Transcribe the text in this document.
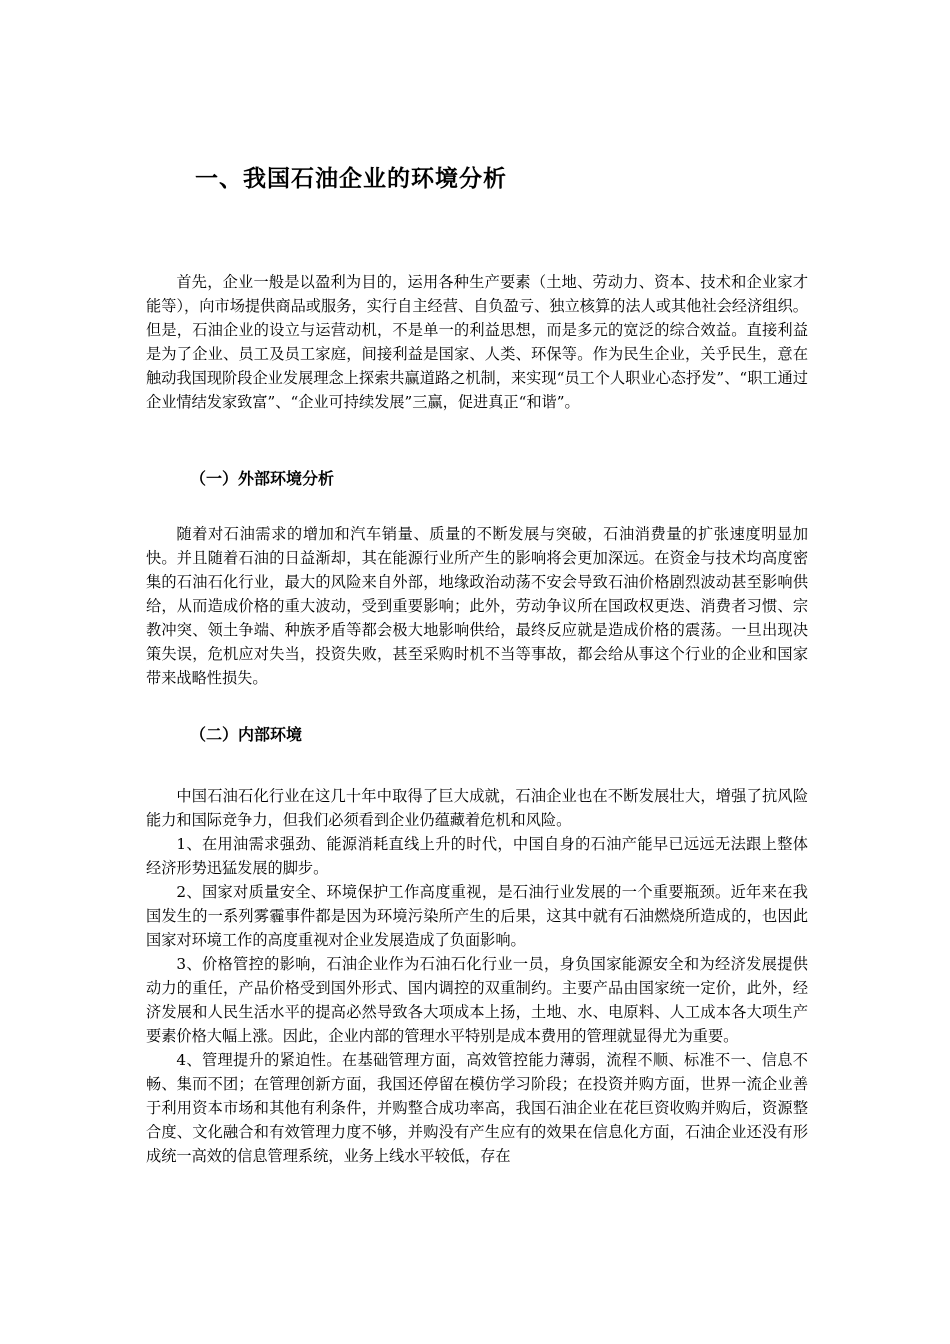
一、我国石油企业的环境分析

首先，企业一般是以盈利为目的，运用各种生产要素（土地、劳动力、资本、技术和企业家才能等），向市场提供商品或服务，实行自主经营、自负盈亏、独立核算的法人或其他社会经济组织。但是，石油企业的设立与运营动机，不是单一的利益思想，而是多元的宽泛的综合效益。直接利益是为了企业、员工及员工家庭，间接利益是国家、人类、环保等。作为民生企业，关乎民生，意在触动我国现阶段企业发展理念上探索共赢道路之机制，来实现“员工个人职业心态抒发”、“职工通过企业情结发家致富”、“企业可持续发展”三赢，促进真正“和谐”。

（一）外部环境分析

随着对石油需求的增加和汽车销量、质量的不断发展与突破，石油消费量的扩张速度明显加快。并且随着石油的日益渐却，其在能源行业所产生的影响将会更加深远。在资金与技术均高度密集的石油石化行业，最大的风险来自外部，地缘政治动荡不安会导致石油价格剧烈波动甚至影响供给，从而造成价格的重大波动，受到重要影响；此外，劳动争议所在国政权更迭、消费者习惯、宗教冲突、领土争端、种族矛盾等都会极大地影响供给，最终反应就是造成价格的震荡。一旦出现决策失误，危机应对失当，投资失败，甚至采购时机不当等事故，都会给从事这个行业的企业和国家带来战略性损失。

（二）内部环境

中国石油石化行业在这几十年中取得了巨大成就，石油企业也在不断发展壮大，增强了抗风险能力和国际竞争力，但我们必须看到企业仍蕴藏着危机和风险。

1、在用油需求强劲、能源消耗直线上升的时代，中国自身的石油产能早已远远无法跟上整体经济形势迅猛发展的脚步。

2、国家对质量安全、环境保护工作高度重视，是石油行业发展的一个重要瓶颈。近年来在我国发生的一系列雾霾事件都是因为环境污染所产生的后果，这其中就有石油燃烧所造成的，也因此国家对环境工作的高度重视对企业发展造成了负面影响。

3、价格管控的影响，石油企业作为石油石化行业一员，身负国家能源安全和为经济发展提供动力的重任，产品价格受到国外形式、国内调控的双重制约。主要产品由国家统一定价，此外，经济发展和人民生活水平的提高必然导致各大项成本上扬，土地、水、电原料、人工成本各大项生产要素价格大幅上涨。因此，企业内部的管理水平特别是成本费用的管理就显得尤为重要。

4、管理提升的紧迫性。在基础管理方面，高效管控能力薄弱，流程不顺、标准不一、信息不畅、集而不团；在管理创新方面，我国还停留在模仿学习阶段；在投资并购方面，世界一流企业善于利用资本市场和其他有利条件，并购整合成功率高，我国石油企业在花巨资收购并购后，资源整合度、文化融合和有效管理力度不够，并购没有产生应有的效果在信息化方面，石油企业还没有形成统一高效的信息管理系统，业务上线水平较低，存在
